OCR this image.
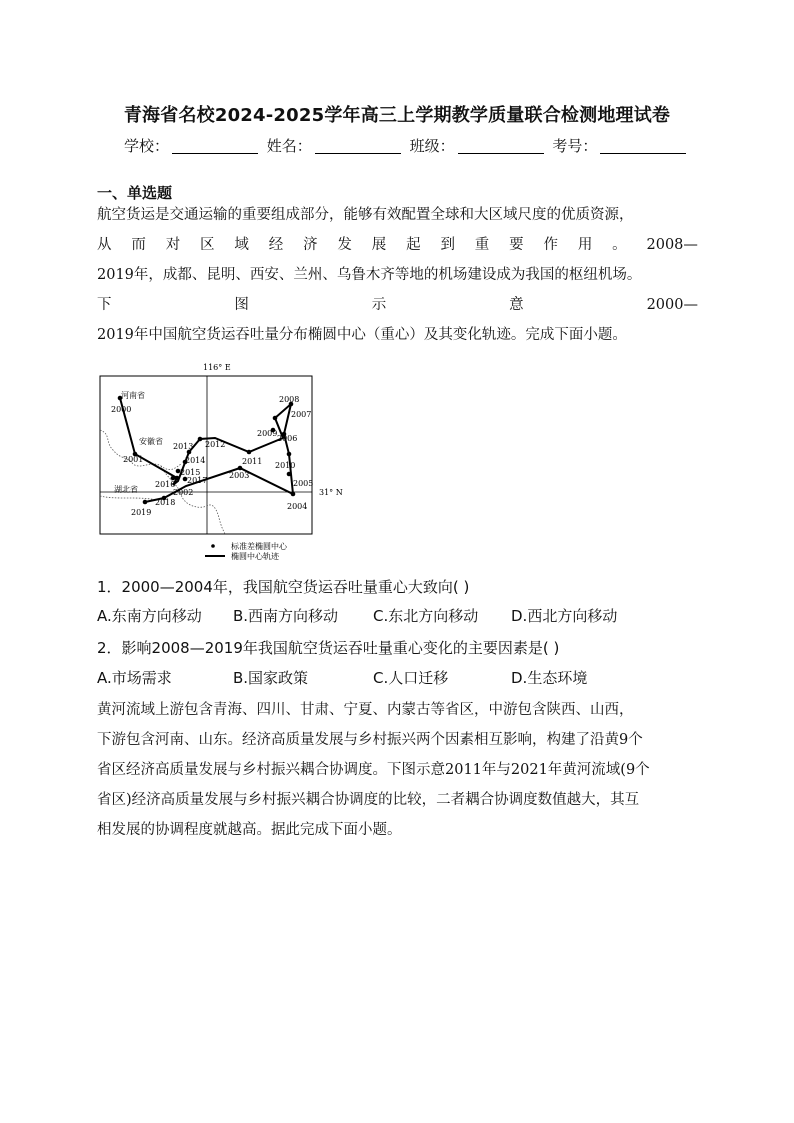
青海省名校2024-2025学年高三上学期教学质量联合检测地理试卷
学校：	姓名：	班级：	考号：
一、单选题
航空货运是交通运输的重要组成部分，能够有效配置全球和大区域尺度的优质资源，
从 而 对 区 域 经 济 发 展 起 到 重 要 作 用 。 2008—
2019年，成都、昆明、西安、兰州、乌鲁木齐等地的机场建设成为我国的枢纽机场。
下	图	示	意	2000—
2019年中国航空货运吞吐量分布椭圆中心（重心）及其变化轨迹。完成下面小题。
116° E
31° N
河南省
安徽省
湖北省
2000
2001
2002
2003
2004
2005
2006
2007
2008
2009
2010
2011
2012
2013
2014
2015
2016 2017
2018
2019
标准差椭圆中心
椭圆中心轨迹
1．2000—2004年，我国航空货运吞吐量重心大致向( )
A.东南方向移动 B.西南方向移动 C.东北方向移动 D.西北方向移动
2．影响2008—2019年我国航空货运吞吐量重心变化的主要因素是( )
A.市场需求	B.国家政策	C.人口迁移	D.生态环境
黄河流域上游包含青海、四川、甘肃、宁夏、内蒙古等省区，中游包含陕西、山西，
下游包含河南、山东。经济高质量发展与乡村振兴两个因素相互影响，构建了沿黄9个
省区经济高质量发展与乡村振兴耦合协调度。下图示意2011年与2021年黄河流域(9个
省区)经济高质量发展与乡村振兴耦合协调度的比较，二者耦合协调度数值越大，其互
相发展的协调程度就越高。据此完成下面小题。
